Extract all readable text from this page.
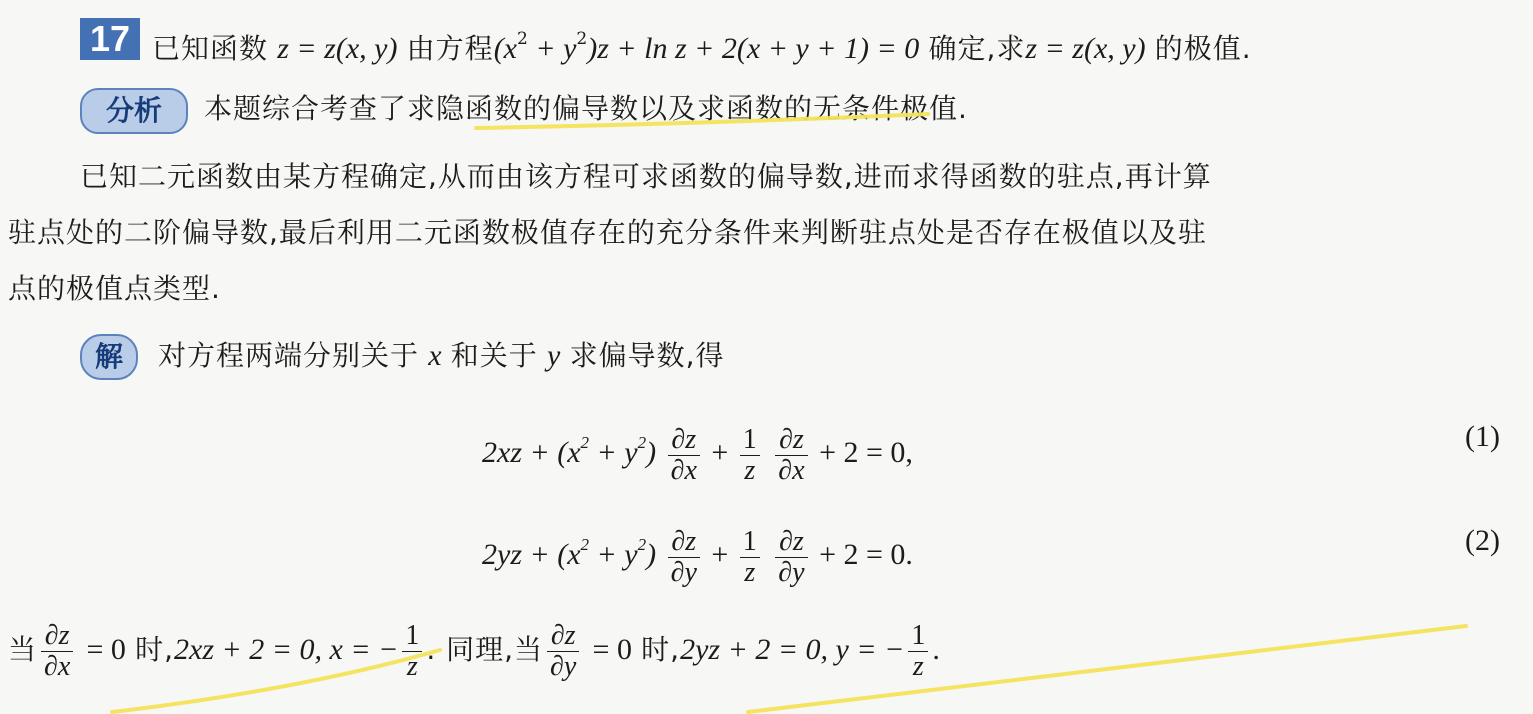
17 已知函数 z = z(x, y) 由方程$(x^2 + y^2)z + \ln z + 2(x + y + 1) = 0$ 确定,求z = z(x, y) 的极值.
分析	本题综合考查了求隐函数的偏导数以及求函数的无条件极值.
已知二元函数由某方程确定,从而由该方程可求函数的偏导数,进而求得函数的驻点,再计算
驻点处的二阶偏导数,最后利用二元函数极值存在的充分条件来判断驻点处是否存在极值以及驻
点的极值点类型.
解	对方程两端分别关于 x 和关于 y 求偏导数,得
$2xz + (x^2 + y^2) \frac{\partial z}{\partial x} + \frac{1}{z}$
$\frac{\partial z}{\partial x} + 2 = 0$,	(1)
$2yz + (x^2 + y^2) \frac{\partial z}{\partial y} + \frac{1}{z}$
$\frac{\partial z}{\partial y} + 2 = 0$.	(2)
当 $\frac{\partial z}{\partial x} = 0$ 时,2xz + 2 = 0, x = − $\frac{1}{z}$ . 同理,当 $\frac{\partial z}{\partial y} = 0$ 时,2yz + 2 = 0, y = − $\frac{1}{z}$ .
